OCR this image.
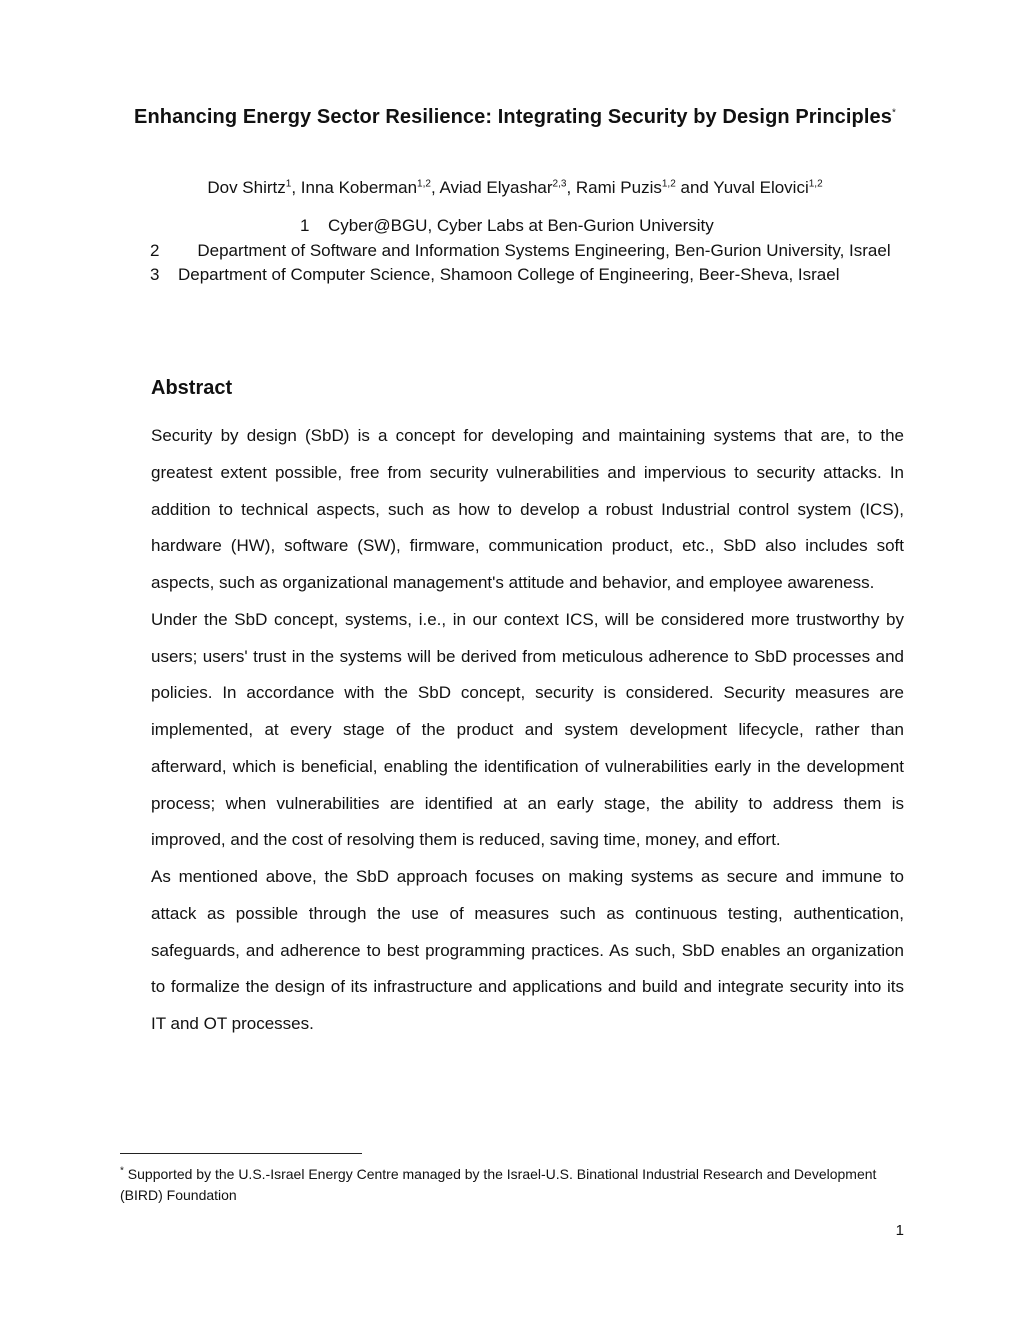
Enhancing Energy Sector Resilience: Integrating Security by Design Principles*
Dov Shirtz$^1$, Inna Koberman$^{1,2}$, Aviad Elyashar$^{2,3}$, Rami Puzis$^{1,2}$ and Yuval Elovici$^{1,2}$
1	Cyber@BGU, Cyber Labs at Ben-Gurion University
2	Department of Software and Information Systems Engineering, Ben-Gurion University, Israel
3	Department of Computer Science, Shamoon College of Engineering, Beer-Sheva, Israel
Abstract

Security by design (SbD) is a concept for developing and maintaining systems that are, to the greatest extent possible, free from security vulnerabilities and impervious to security attacks. In addition to technical aspects, such as how to develop a robust Industrial control system (ICS), hardware (HW), software (SW), firmware, communication product, etc., SbD also includes soft aspects, such as organizational management's attitude and behavior, and employee awareness.

Under the SbD concept, systems, i.e., in our context ICS, will be considered more trustworthy by users; users' trust in the systems will be derived from meticulous adherence to SbD processes and policies. In accordance with the SbD concept, security is considered. Security measures are implemented, at every stage of the product and system development lifecycle, rather than afterward, which is beneficial, enabling the identification of vulnerabilities early in the development process; when vulnerabilities are identified at an early stage, the ability to address them is improved, and the cost of resolving them is reduced, saving time, money, and effort.

As mentioned above, the SbD approach focuses on making systems as secure and immune to attack as possible through the use of measures such as continuous testing, authentication, safeguards, and adherence to best programming practices. As such, SbD enables an organization to formalize the design of its infrastructure and applications and build and integrate security into its IT and OT processes.

* Supported by the U.S.-Israel Energy Centre managed by the Israel-U.S. Binational Industrial Research and Development (BIRD) Foundation
1
